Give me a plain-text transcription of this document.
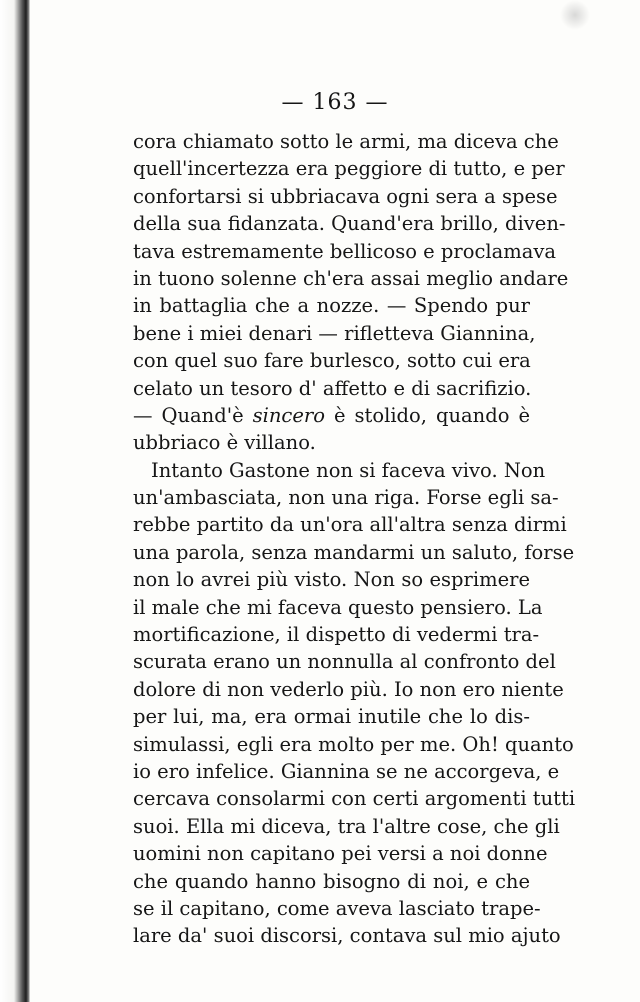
— 163 —
cora chiamato sotto le armi, ma diceva che
quell'incertezza era peggiore di tutto, e per
confortarsi si ubbriacava ogni sera a spese
della sua fidanzata. Quand'era brillo, diven-
tava estremamente bellicoso e proclamava
in tuono solenne ch'era assai meglio andare
in battaglia che a nozze. — Spendo pur
bene i miei denari — rifletteva Giannina,
con quel suo fare burlesco, sotto cui era
celato un tesoro d' affetto e di sacrifizio.
— Quand'è sincero è stolido, quando è
ubbriaco è villano.
Intanto Gastone non si faceva vivo. Non
un'ambasciata, non una riga. Forse egli sa-
rebbe partito da un'ora all'altra senza dirmi
una parola, senza mandarmi un saluto, forse
non lo avrei più visto. Non so esprimere
il male che mi faceva questo pensiero. La
mortificazione, il dispetto di vedermi tra-
scurata erano un nonnulla al confronto del
dolore di non vederlo più. Io non ero niente
per lui, ma, era ormai inutile che lo dis-
simulassi, egli era molto per me. Oh! quanto
io ero infelice. Giannina se ne accorgeva, e
cercava consolarmi con certi argomenti tutti
suoi. Ella mi diceva, tra l'altre cose, che gli
uomini non capitano pei versi a noi donne
che quando hanno bisogno di noi, e che
se il capitano, come aveva lasciato trape-
lare da' suoi discorsi, contava sul mio ajuto
